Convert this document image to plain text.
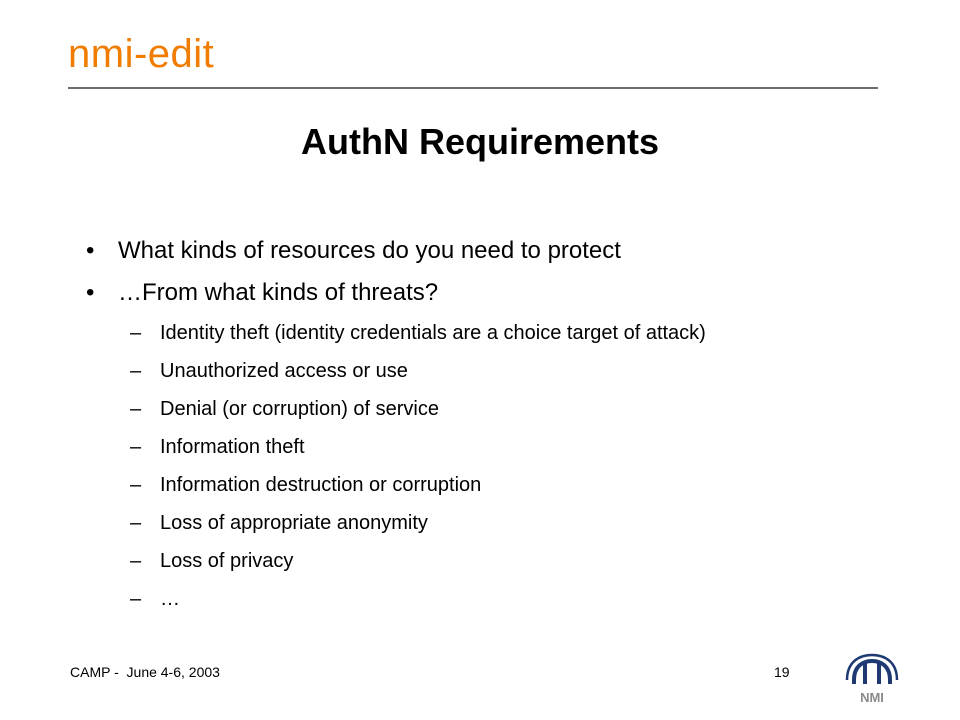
nmi-edit
AuthN Requirements
• What kinds of resources do you need to protect
• …From what kinds of threats?
– Identity theft (identity credentials are a choice target of attack)
– Unauthorized access or use
– Denial (or corruption) of service
– Information theft
– Information destruction or corruption
– Loss of appropriate anonymity
– Loss of privacy
– …
CAMP -  June 4-6, 2003	19
NMI
